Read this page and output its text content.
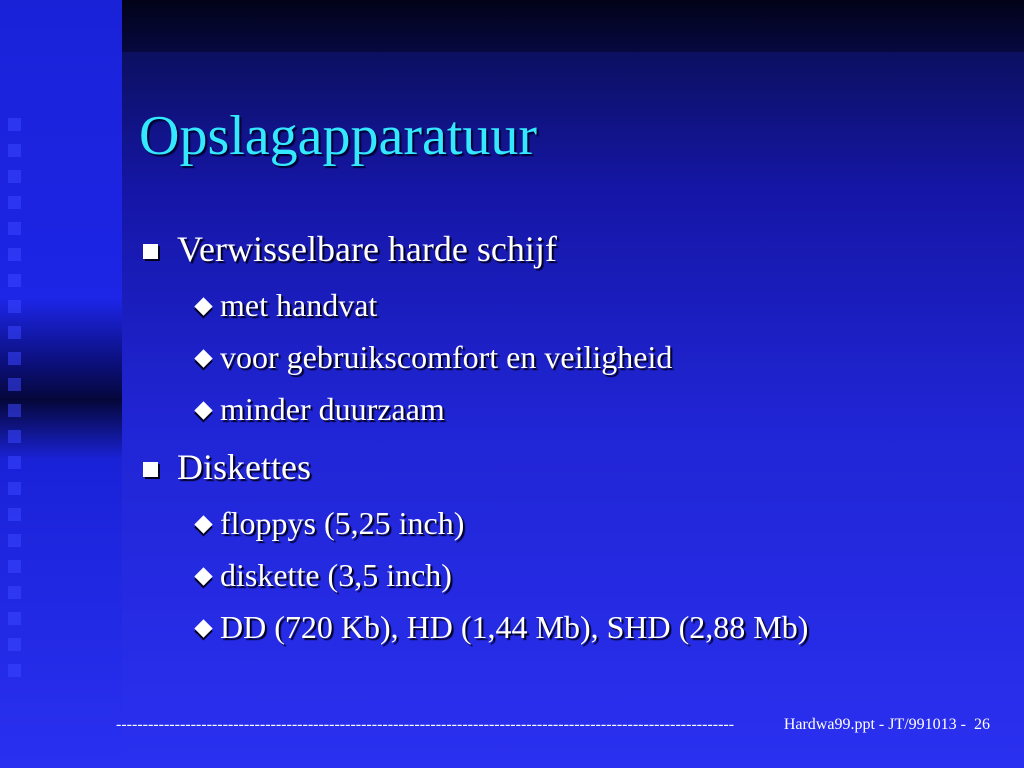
Opslagapparatuur
Verwisselbare harde schijf
met handvat
voor gebruikscomfort en veiligheid
minder duurzaam
Diskettes
floppys (5,25 inch)
diskette (3,5 inch)
DD (720 Kb), HD (1,44 Mb), SHD (2,88 Mb)
--------------------------------------------------------------------------------------------------------------------	Hardwa99.ppt - JT/991013 - 26
